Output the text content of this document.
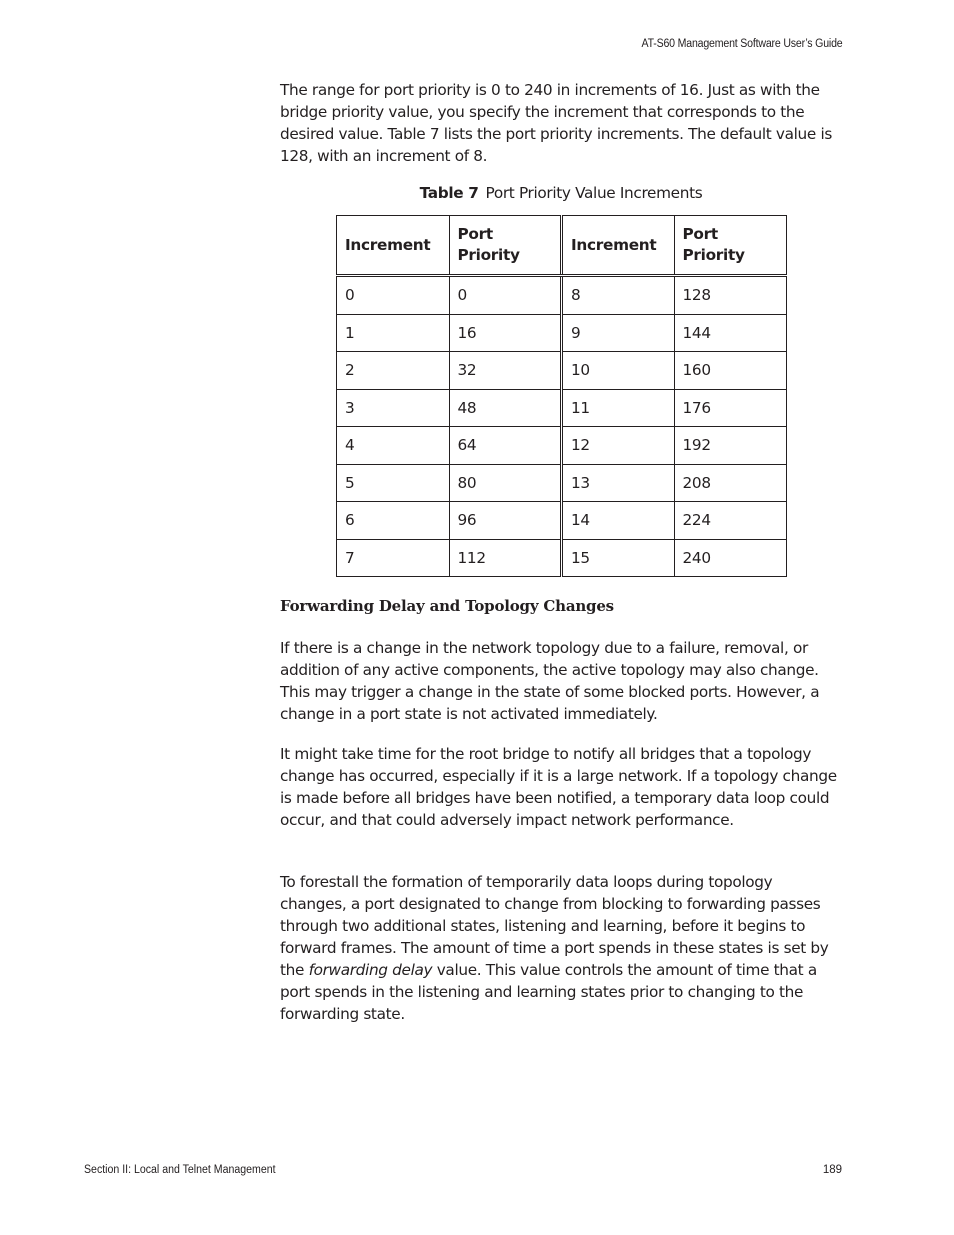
AT-S60 Management Software User’s Guide

The range for port priority is 0 to 240 in increments of 16. Just as with the bridge priority value, you specify the increment that corresponds to the desired value. Table 7 lists the port priority increments. The default value is 128, with an increment of 8.

Table 7 Port Priority Value Increments

Increment	Port Priority	Increment	Port Priority
0	0	8	128
1	16	9	144
2	32	10	160
3	48	11	176
4	64	12	192
5	80	13	208
6	96	14	224
7	112	15	240
Forwarding Delay and Topology Changes

If there is a change in the network topology due to a failure, removal, or addition of any active components, the active topology may also change. This may trigger a change in the state of some blocked ports. However, a change in a port state is not activated immediately.

It might take time for the root bridge to notify all bridges that a topology change has occurred, especially if it is a large network. If a topology change is made before all bridges have been notified, a temporary data loop could occur, and that could adversely impact network performance.

To forestall the formation of temporarily data loops during topology changes, a port designated to change from blocking to forwarding passes through two additional states, listening and learning, before it begins to forward frames. The amount of time a port spends in these states is set by the forwarding delay value. This value controls the amount of time that a port spends in the listening and learning states prior to changing to the forwarding state.

Section II: Local and Telnet Management	189
